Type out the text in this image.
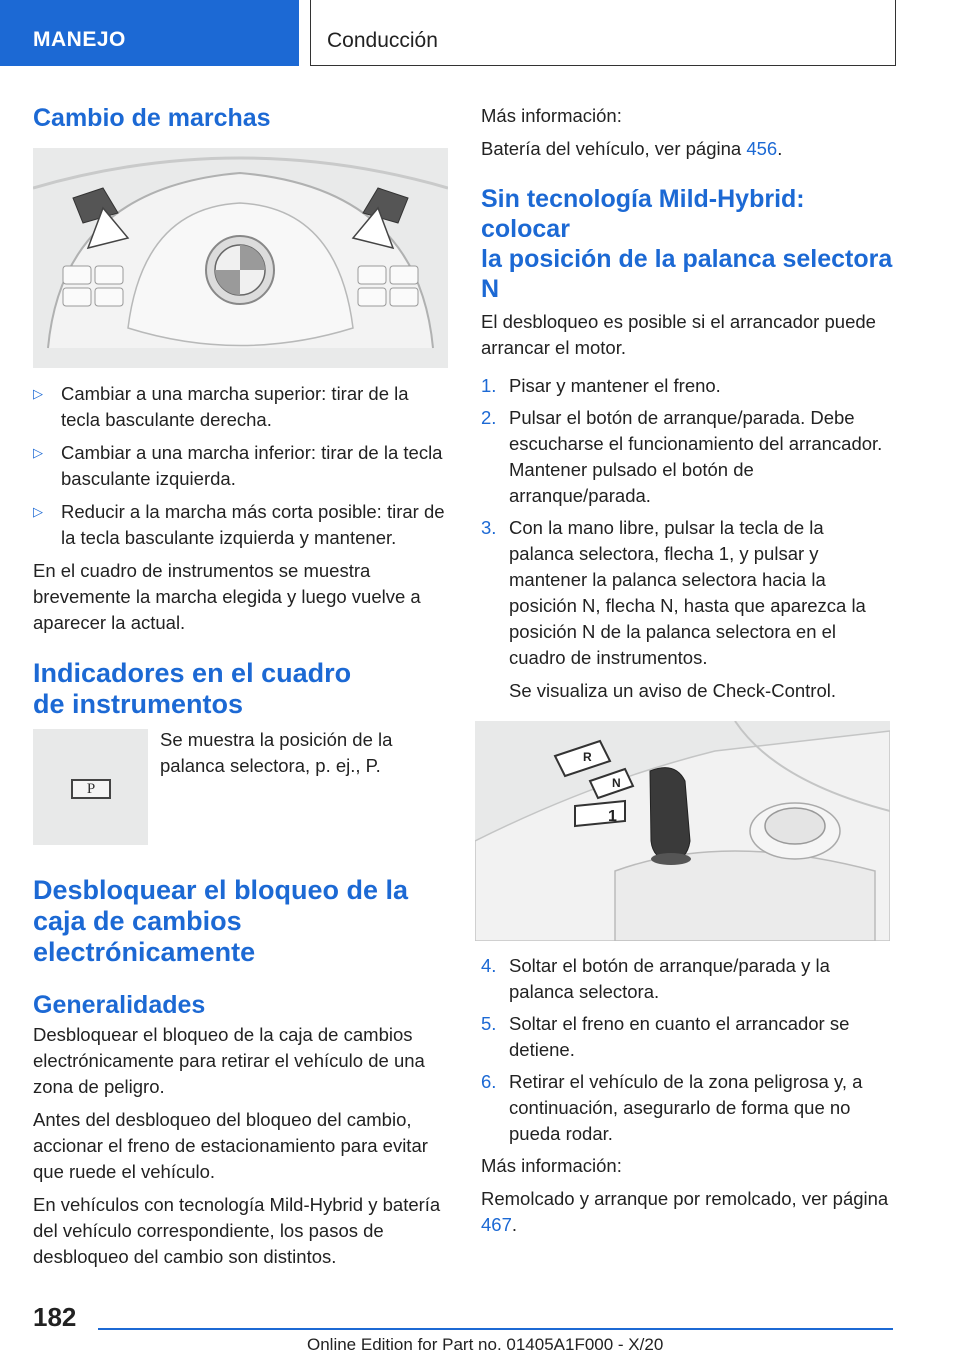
MANEJO	Conducción
Cambio de marchas
▷ Cambiar a una marcha superior: tirar de la tecla basculante derecha.
▷ Cambiar a una marcha inferior: tirar de la tecla basculante izquierda.
▷ Reducir a la marcha más corta posible: tirar de la tecla basculante izquierda y mantener.
En el cuadro de instrumentos se muestra brevemente la marcha elegida y luego vuelve a aparecer la actual.
Indicadores en el cuadro
de instrumentos
P
Se muestra la posición de la palanca selectora, p. ej., P.
Desbloquear el bloqueo de la
caja de cambios
electrónicamente
Generalidades
Desbloquear el bloqueo de la caja de cambios electrónicamente para retirar el vehículo de una zona de peligro.
Antes del desbloqueo del bloqueo del cambio, accionar el freno de estacionamiento para evitar que ruede el vehículo.
En vehículos con tecnología Mild-Hybrid y batería del vehículo correspondiente, los pasos de desbloqueo del cambio son distintos.
Más información:
Batería del vehículo, ver página 456.
Sin tecnología Mild-Hybrid: colocar
la posición de la palanca selectora N
El desbloqueo es posible si el arrancador puede arrancar el motor.
1. Pisar y mantener el freno.
2. Pulsar el botón de arranque/parada. Debe escucharse el funcionamiento del arrancador. Mantener pulsado el botón de arranque/parada.
3. Con la mano libre, pulsar la tecla de la palanca selectora, flecha 1, y pulsar y mantener la palanca selectora hacia la posición N, flecha N, hasta que aparezca la posición N de la palanca selectora en el cuadro de instrumentos.
Se visualiza un aviso de Check-Control.
R
N
1
4. Soltar el botón de arranque/parada y la palanca selectora.
5. Soltar el freno en cuanto el arrancador se detiene.
6. Retirar el vehículo de la zona peligrosa y, a continuación, asegurarlo de forma que no pueda rodar.
Más información:
Remolcado y arranque por remolcado, ver página 467.
182
Online Edition for Part no. 01405A1F000 - X/20
